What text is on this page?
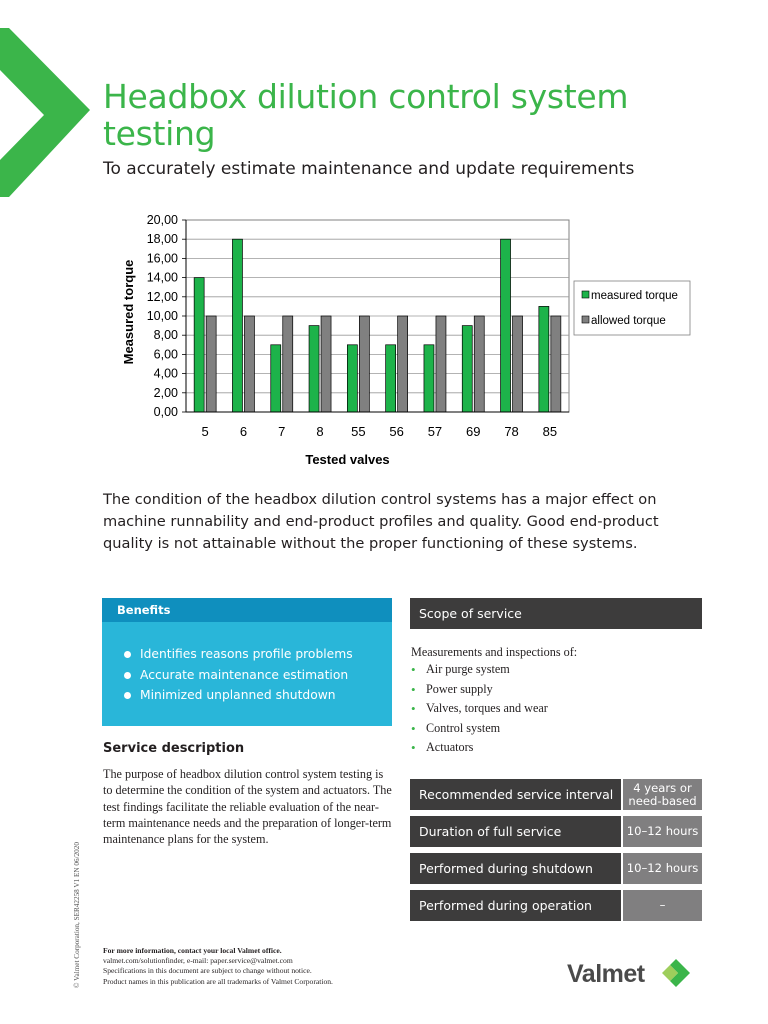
Headbox dilution control system testing

To accurately estimate maintenance and update requirements

0,00
2,00
4,00
6,00
8,00
10,00
12,00
14,00
16,00
18,00
20,00
5 6 7 8 55 56 57 69 78 85
Tested valves
Measured torque	measured torque
allowed torque

The condition of the headbox dilution control systems has a major effect on machine runnability and end-product profiles and quality. Good end-product quality is not attainable without the proper functioning of these systems.

Benefits
Identifies reasons profile problems
Accurate maintenance estimation
Minimized unplanned shutdown
Service description

The purpose of headbox dilution control system testing is to determine the condition of the system and actuators. The test findings facilitate the reliable evaluation of the near-term maintenance needs and the preparation of longer-term maintenance plans for the system.

Scope of service

Measurements and inspections of:

• Air purge system
• Power supply
• Valves, torques and wear
• Control system
• Actuators
Recommended service interval	4 years or need-based
Duration of full service	10–12 hours
Performed during shutdown	10–12 hours
Performed during operation	–
© Valmet Corporation, SER42258 V1 EN 06/2020	For more information, contact your local Valmet office.
valmet.com/solutionfinder, e-mail: paper.service@valmet.com
Specifications in this document are subject to change without notice.
Product names in this publication are all trademarks of Valmet Corporation.	Valmet
